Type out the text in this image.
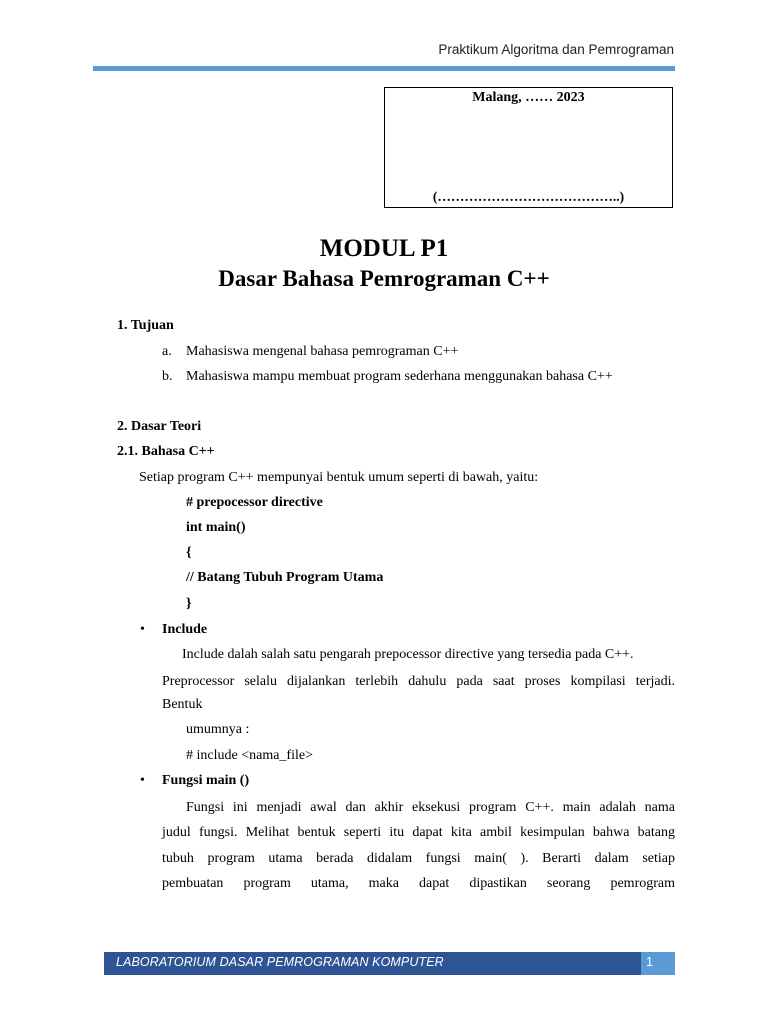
Praktikum Algoritma dan Pemrograman
Malang, …… 2023
(…………………………………..)
MODUL P1
Dasar Bahasa Pemrograman C++
1. Tujuan
a. Mahasiswa mengenal bahasa pemrograman C++
b. Mahasiswa mampu membuat program sederhana menggunakan bahasa C++
2. Dasar Teori
2.1. Bahasa C++
Setiap program C++ mempunyai bentuk umum seperti di bawah, yaitu:
# prepocessor directive
int main()
{
// Batang Tubuh Program Utama
}
• Include
Include dalah salah satu pengarah prepocessor directive yang tersedia pada C++.
Preprocessor selalu dijalankan terlebih dahulu pada saat proses kompilasi terjadi.
Bentuk
umumnya :
# include <nama_file>
• Fungsi main ()
Fungsi ini menjadi awal dan akhir eksekusi program C++. main adalah nama
judul fungsi. Melihat bentuk seperti itu dapat kita ambil kesimpulan bahwa batang
tubuh program utama berada didalam fungsi main( ). Berarti dalam setiap
pembuatan program utama, maka dapat dipastikan seorang pemrogram
LABORATORIUM DASAR PEMROGRAMAN KOMPUTER	1
